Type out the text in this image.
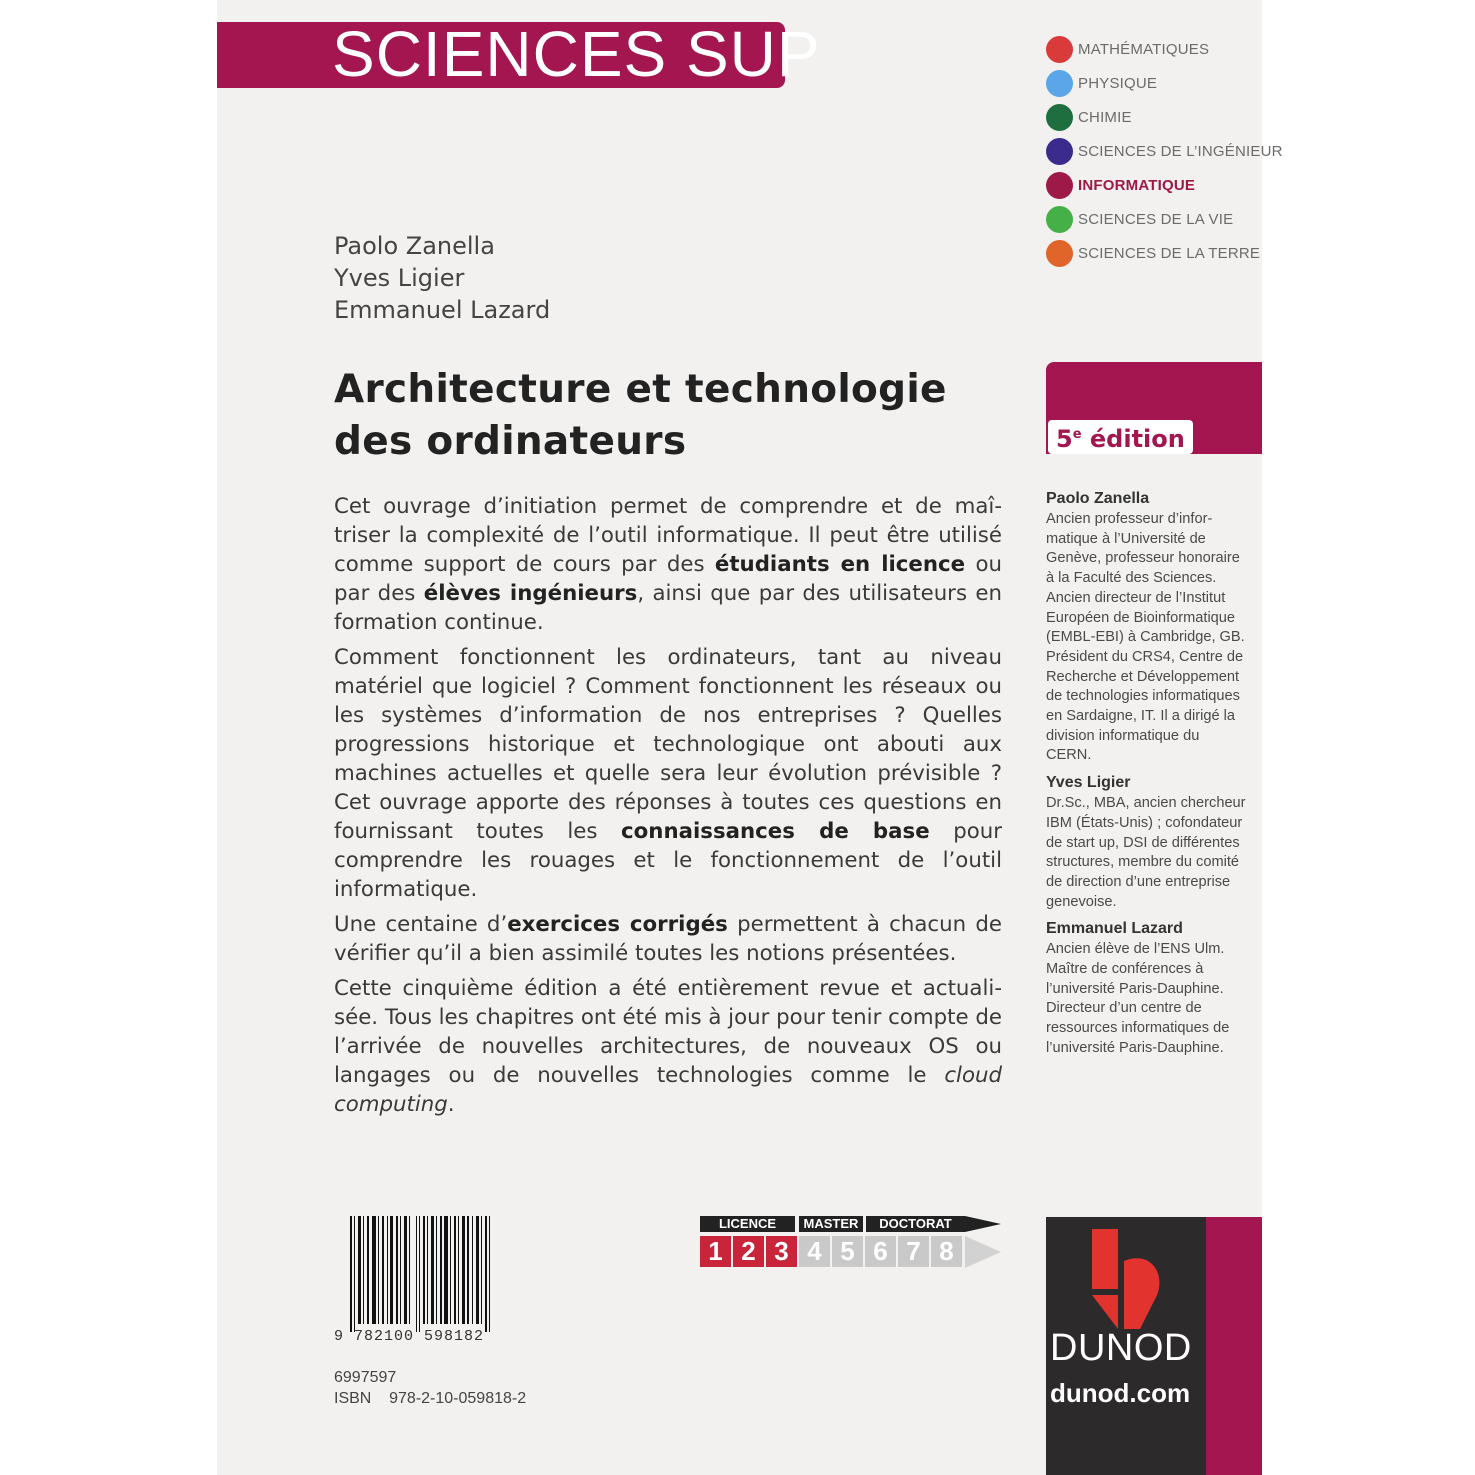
SCIENCES SUP	MATHÉMATIQUES
PHYSIQUE
CHIMIE
SCIENCES DE L’INGÉNIEUR
INFORMATIQUE
SCIENCES DE LA VIE
SCIENCES DE LA TERRE
Paolo Zanella
Yves Ligier
Emmanuel Lazard
Architecture et technologie
des ordinateurs

Cet ouvrage d’initiation permet de comprendre et de maîtriser la complexité de l’outil informatique. Il peut être utilisé comme support de cours par des étudiants en licence ou par des élèves ingénieurs, ainsi que par des utilisateurs en formation continue.

Comment fonctionnent les ordinateurs, tant au niveau matériel que logiciel ? Comment fonctionnent les réseaux ou les systèmes d’information de nos entreprises ? Quelles progressions historique et technologique ont abouti aux machines actuelles et quelle sera leur évolution prévisible ? Cet ouvrage apporte des réponses à toutes ces questions en fournissant toutes les connaissances de base pour comprendre les rouages et le fonctionnement de l’outil informatique.

Une centaine d’exercices corrigés permettent à chacun de vérifier qu’il a bien assimilé toutes les notions présentées.

Cette cinquième édition a été entièrement revue et actualisée. Tous les chapitres ont été mis à jour pour tenir compte de l’arrivée de nouvelles architectures, de nouveaux OS ou langages ou de nouvelles technologies comme le cloud computing.

5e édition
Paolo Zanella
Ancien professeur d’informatique à l’Université de Genève, professeur honoraire à la Faculté des Sciences. Ancien directeur de l’Institut Européen de Bioinformatique (EMBL-EBI) à Cambridge, GB. Président du CRS4, Centre de Recherche et Développement de technologies informatiques en Sardaigne, IT. Il a dirigé la division informatique du CERN.
Yves Ligier
Dr.Sc., MBA, ancien chercheur IBM (États-Unis) ; cofondateur de start up, DSI de différentes structures, membre du comité de direction d’une entreprise genevoise.
Emmanuel Lazard
Ancien élève de l’ENS Ulm. Maître de conférences à l’université Paris-Dauphine. Directeur d’un centre de ressources informatiques de l’université Paris-Dauphine.
9 782100 598182
6997597
ISBN    978-2-10-059818-2
LICENCE	MASTER	DOCTORAT
1 2 3 4 5 6 7 8
DUNOD
dunod.com
